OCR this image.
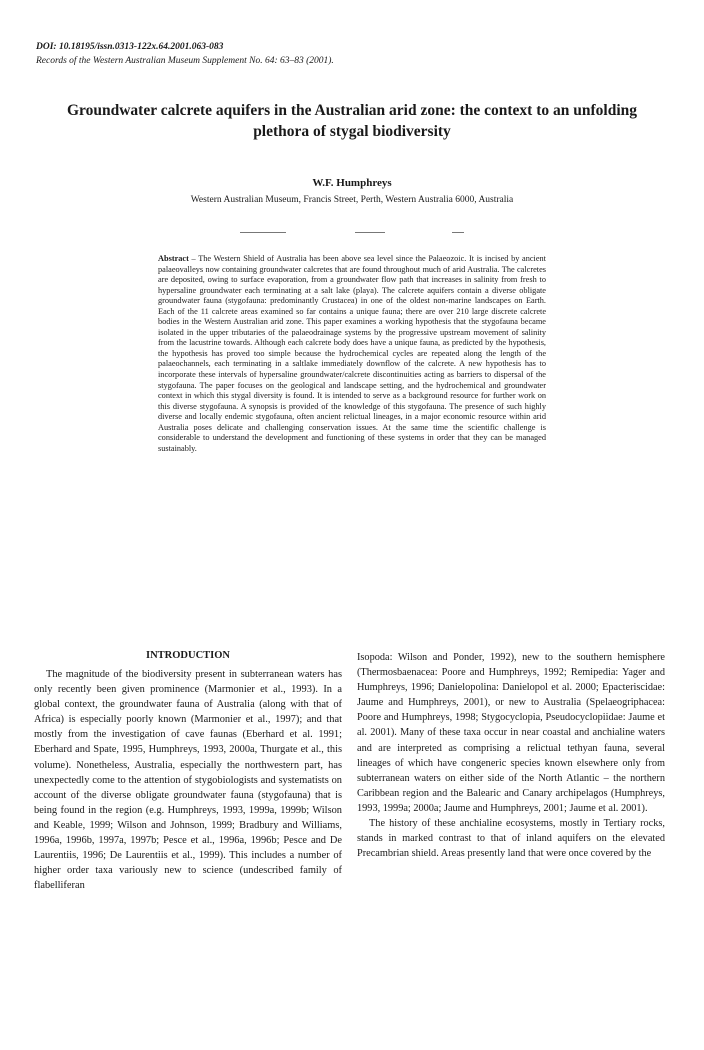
DOI: 10.18195/issn.0313-122x.64.2001.063-083
Records of the Western Australian Museum Supplement No. 64: 63–83 (2001).
Groundwater calcrete aquifers in the Australian arid zone: the context to an unfolding plethora of stygal biodiversity
W.F. Humphreys
Western Australian Museum, Francis Street, Perth, Western Australia 6000, Australia

Abstract – The Western Shield of Australia has been above sea level since the Palaeozoic. It is incised by ancient palaeovalleys now containing groundwater calcretes that are found throughout much of arid Australia. The calcretes are deposited, owing to surface evaporation, from a groundwater flow path that increases in salinity from fresh to hypersaline groundwater each terminating at a salt lake (playa). The calcrete aquifers contain a diverse obligate groundwater fauna (stygofauna: predominantly Crustacea) in one of the oldest non-marine landscapes on Earth. Each of the 11 calcrete areas examined so far contains a unique fauna; there are over 210 large discrete calcrete bodies in the Western Australian arid zone. This paper examines a working hypothesis that the stygofauna became isolated in the upper tributaries of the palaeodrainage systems by the progressive upstream movement of salinity from the lacustrine towards. Although each calcrete body does have a unique fauna, as predicted by the hypothesis, the hypothesis has proved too simple because the hydrochemical cycles are repeated along the length of the palaeochannels, each terminating in a saltlake immediately downflow of the calcrete. A new hypothesis has to incorporate these intervals of hypersaline groundwater/calcrete discontinuities acting as barriers to dispersal of the stygofauna. The paper focuses on the geological and landscape setting, and the hydrochemical and groundwater context in which this stygal diversity is found. It is intended to serve as a background resource for further work on this diverse stygofauna. A synopsis is provided of the knowledge of this stygofauna. The presence of such highly diverse and locally endemic stygofauna, often ancient relictual lineages, in a major economic resource within arid Australia poses delicate and challenging conservation issues. At the same time the scientific challenge is considerable to understand the development and functioning of these systems in order that they can be managed sustainably.

INTRODUCTION

The magnitude of the biodiversity present in subterranean waters has only recently been given prominence (Marmonier et al., 1993). In a global context, the groundwater fauna of Australia (along with that of Africa) is especially poorly known (Marmonier et al., 1997); and that mostly from the investigation of cave faunas (Eberhard et al. 1991; Eberhard and Spate, 1995, Humphreys, 1993, 2000a, Thurgate et al., this volume). Nonetheless, Australia, especially the northwestern part, has unexpectedly come to the attention of stygobiologists and systematists on account of the diverse obligate groundwater fauna (stygofauna) that is being found in the region (e.g. Humphreys, 1993, 1999a, 1999b; Wilson and Keable, 1999; Wilson and Johnson, 1999; Bradbury and Williams, 1996a, 1996b, 1997a, 1997b; Pesce et al., 1996a, 1996b; Pesce and De Laurentiis, 1996; De Laurentiis et al., 1999). This includes a number of higher order taxa variously new to science (undescribed family of flabelliferan

Isopoda: Wilson and Ponder, 1992), new to the southern hemisphere (Thermosbaenacea: Poore and Humphreys, 1992; Remipedia: Yager and Humphreys, 1996; Danielopolina: Danielopol et al. 2000; Epacteriscidae: Jaume and Humphreys, 2001), or new to Australia (Spelaeogriphacea: Poore and Humphreys, 1998; Stygocyclopia, Pseudocyclopiidae: Jaume et al. 2001). Many of these taxa occur in near coastal and anchialine waters and are interpreted as comprising a relictual tethyan fauna, several lineages of which have congeneric species known elsewhere only from subterranean waters on either side of the North Atlantic – the northern Caribbean region and the Balearic and Canary archipelagos (Humphreys, 1993, 1999a; 2000a; Jaume and Humphreys, 2001; Jaume et al. 2001).

The history of these anchialine ecosystems, mostly in Tertiary rocks, stands in marked contrast to that of inland aquifers on the elevated Precambrian shield. Areas presently land that were once covered by the
